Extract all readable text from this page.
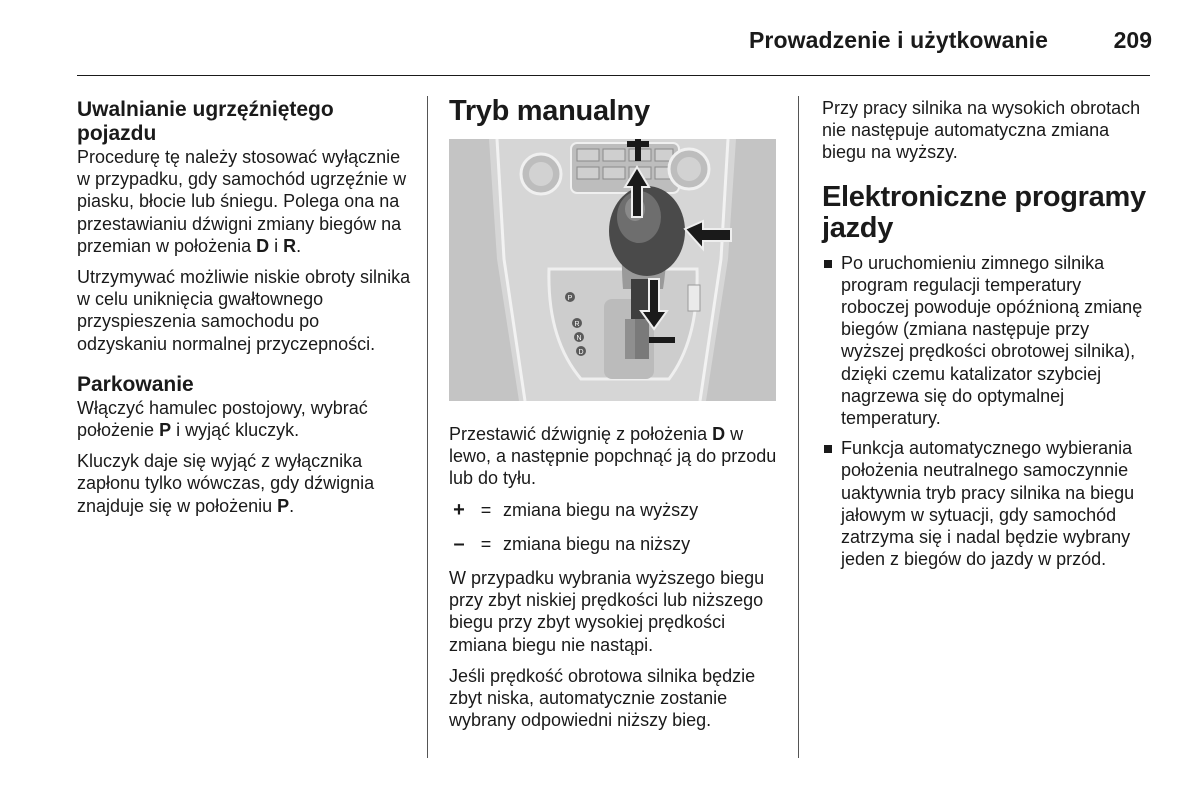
Prowadzenie i użytkowanie	209
Uwalnianie ugrzęźniętego pojazdu

Procedurę tę należy stosować wyłącznie w przypadku, gdy samochód ugrzęźnie w piasku, błocie lub śniegu. Polega ona na przestawianiu dźwigni zmiany biegów na przemian w położenia D i R.

Utrzymywać możliwie niskie obroty silnika w celu uniknięcia gwałtownego przyspieszenia samochodu po odzyskaniu normalnej przyczepności.

Parkowanie

Włączyć hamulec postojowy, wybrać położenie P i wyjąć kluczyk.

Kluczyk daje się wyjąć z wyłącznika zapłonu tylko wówczas, gdy dźwignia znajduje się w położeniu P.

Tryb manualny
P
R
N
D

Przestawić dźwignię z położenia D w lewo, a następnie popchnąć ją do przodu lub do tyłu.

+ = zmiana biegu na wyższy
– = zmiana biegu na niższy

W przypadku wybrania wyższego biegu przy zbyt niskiej prędkości lub niższego biegu przy zbyt wysokiej prędkości zmiana biegu nie nastąpi.

Jeśli prędkość obrotowa silnika będzie zbyt niska, automatycznie zostanie wybrany odpowiedni niższy bieg.

Przy pracy silnika na wysokich obrotach nie następuje automatyczna zmiana biegu na wyższy.

Elektroniczne programy jazdy
Po uruchomieniu zimnego silnika program regulacji temperatury roboczej powoduje opóźnioną zmianę biegów (zmiana następuje przy wyższej prędkości obrotowej silnika), dzięki czemu katalizator szybciej nagrzewa się do optymalnej temperatury.
Funkcja automatycznego wybierania położenia neutralnego samoczynnie uaktywnia tryb pracy silnika na biegu jałowym w sytuacji, gdy samochód zatrzyma się i nadal będzie wybrany jeden z biegów do jazdy w przód.
